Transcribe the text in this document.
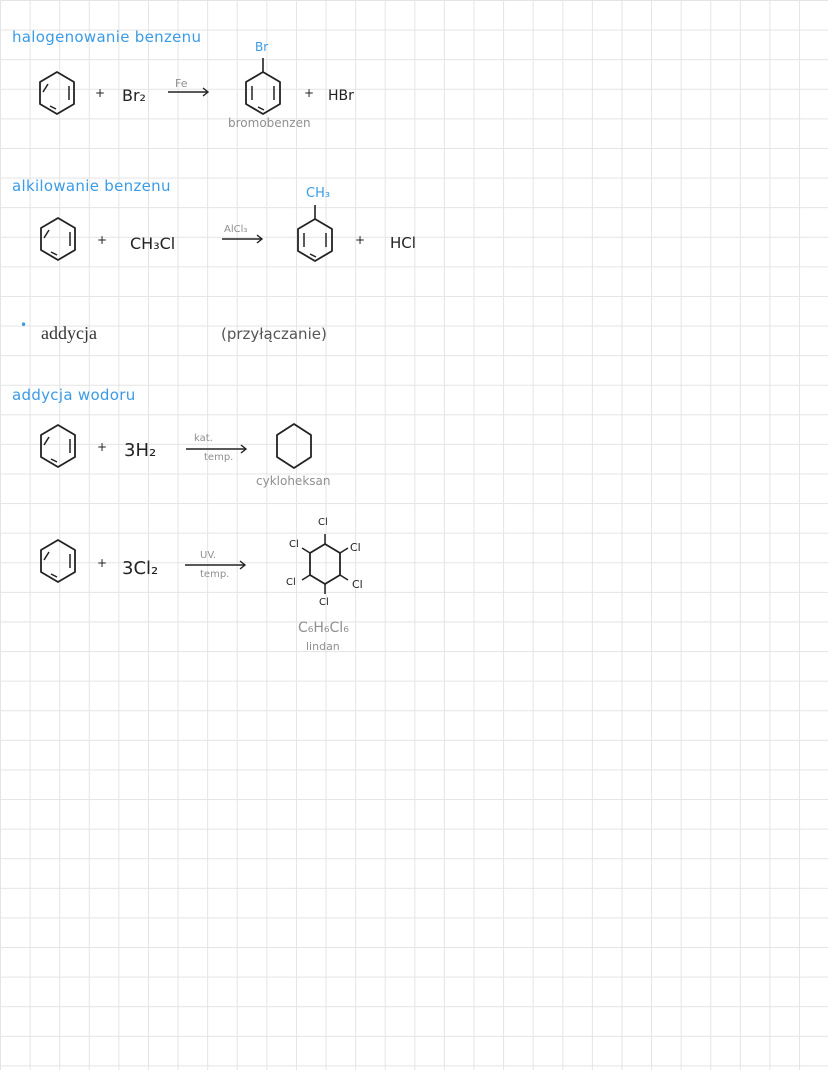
halogenowanie benzenu
+ Br₂
Fe
Br
+ HBr
bromobenzen
alkilowanie benzenu
+ CH₃Cl
AlCl₃
CH₃
+ HCl
• addycja	(przyłączanie)
addycja wodoru
+ 3H₂
kat.
temp.
cykloheksan
+ 3Cl₂
UV.
temp.
Cl
Cl	Cl
Cl	Cl
Cl
C₆H₆Cl₆
lindan
